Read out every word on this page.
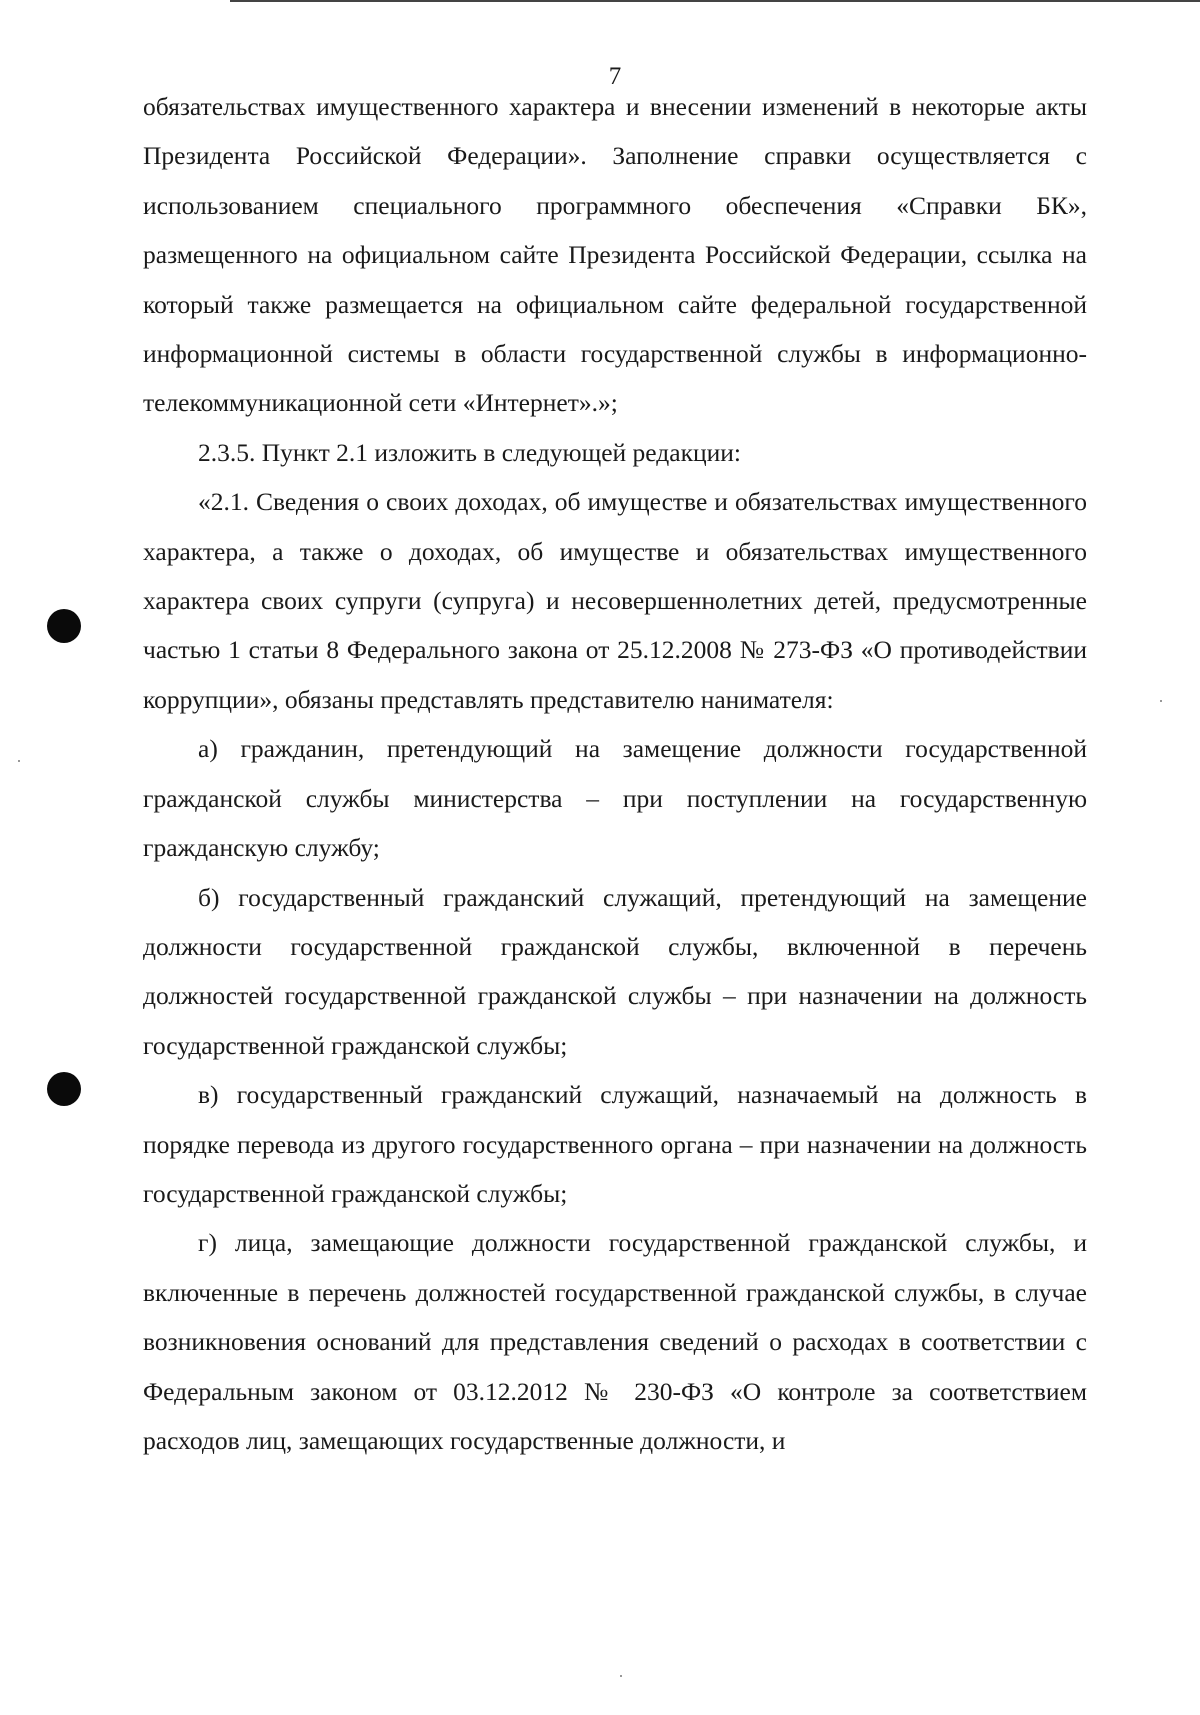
7

обязательствах имущественного характера и внесении изменений в некоторые акты Президента Российской Федерации». Заполнение справки осуществляется с использованием специального программного обеспечения «Справки БК», размещенного на официальном сайте Президента Российской Федерации, ссылка на который также размещается на официальном сайте федеральной государственной информационной системы в области государственной службы в информационно-телекоммуникационной сети «Интернет».»;

2.3.5. Пункт 2.1 изложить в следующей редакции:

«2.1. Сведения о своих доходах, об имуществе и обязательствах имущественного характера, а также о доходах, об имуществе и обязательствах имущественного характера своих супруги (супруга) и несовершеннолетних детей, предусмотренные частью 1 статьи 8 Федерального закона от 25.12.2008 № 273-ФЗ «О противодействии коррупции», обязаны представлять представителю нанимателя:

а) гражданин, претендующий на замещение должности государственной гражданской службы министерства – при поступлении на государственную гражданскую службу;

б) государственный гражданский служащий, претендующий на замещение должности государственной гражданской службы, включенной в перечень должностей государственной гражданской службы – при назначении на должность государственной гражданской службы;

в) государственный гражданский служащий, назначаемый на должность в порядке перевода из другого государственного органа – при назначении на должность государственной гражданской службы;

г) лица, замещающие должности государственной гражданской службы, и включенные в перечень должностей государственной гражданской службы, в случае возникновения оснований для представления сведений о расходах в соответствии с Федеральным законом от 03.12.2012 № 230-ФЗ «О контроле за соответствием расходов лиц, замещающих государственные должности, и
